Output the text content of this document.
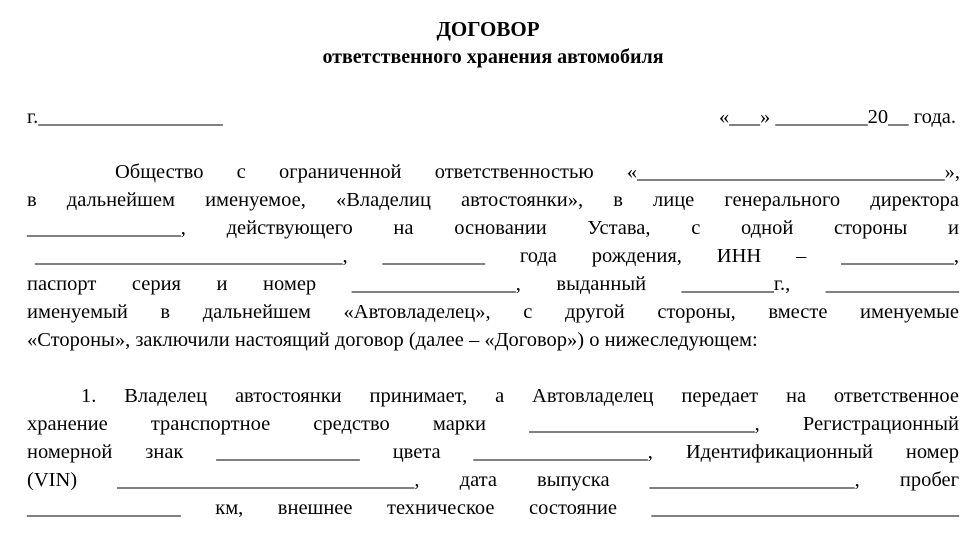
ДОГОВОР
ответственного хранения автомобиля
г.__________________	«___» _________20__ года.
Общество с ограниченной ответственностью «______________________________»,
в дальнейшем именуемое, «Владелиц автостоянки», в лице генерального директора
_______________, действующего на основании Устава, с одной стороны и
______________________________, __________ года рождения, ИНН – ___________,
паспорт серия и номер ________________, выданный _________г., _____________
именуемый в дальнейшем «Автовладелец», с другой стороны, вместе именуемые
«Стороны», заключили настоящий договор (далее – «Договор») о нижеследующем:
1. Владелец автостоянки принимает, а Автовладелец передает на ответственное
хранение транспортное средство марки ______________________, Регистрационный
номерной знак ______________ цвета _________________, Идентификационный номер
(VIN) _____________________________, дата выпуска ____________________, пробег
_______________ км, внешнее техническое состояние ______________________________
